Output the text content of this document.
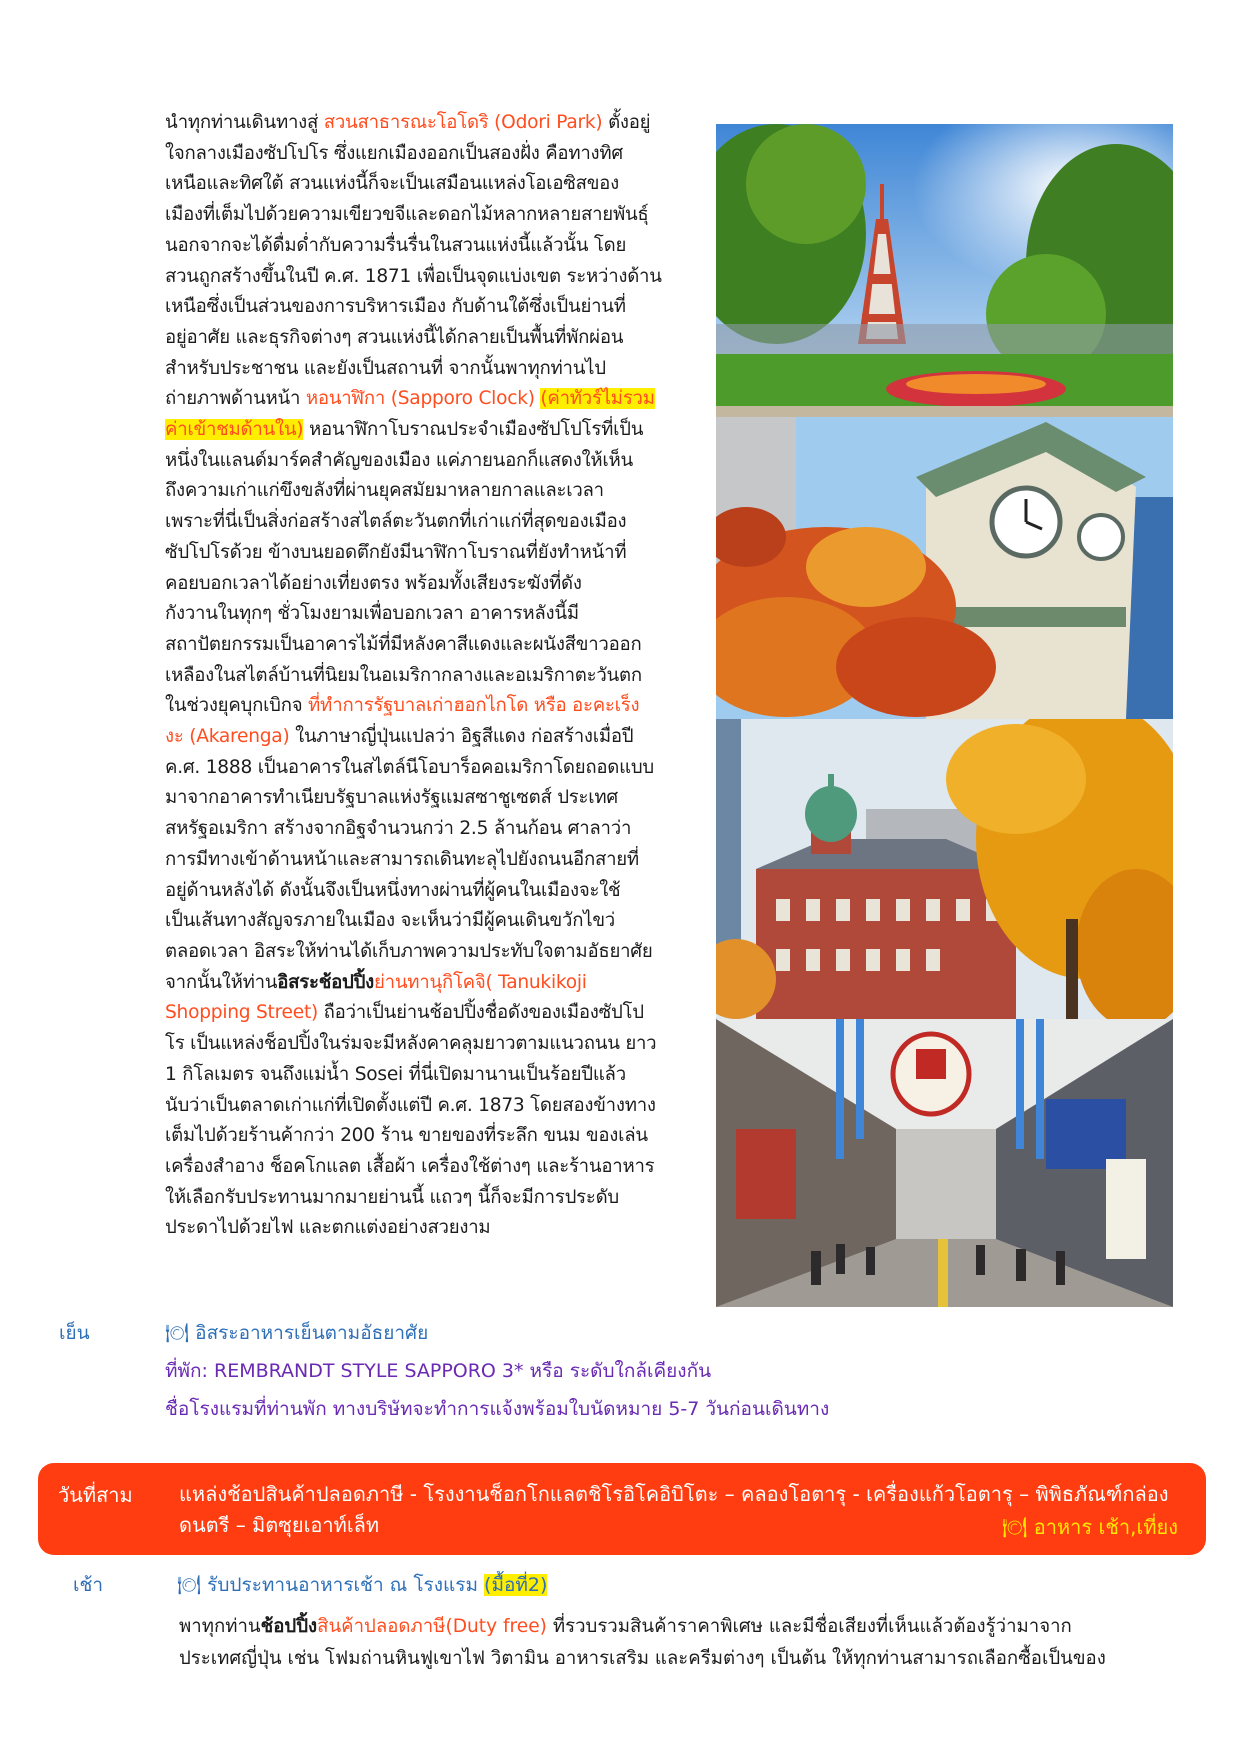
นำทุกท่านเดินทางสู่ สวนสาธารณะโอโดริ (Odori Park) ตั้งอยู่
ใจกลางเมืองซัปโปโร ซึ่งแยกเมืองออกเป็นสองฝั่ง คือทางทิศ
เหนือและทิศใต้ สวนแห่งนี้ก็จะเป็นเสมือนแหล่งโอเอซิสของ
เมืองที่เต็มไปด้วยความเขียวขจีและดอกไม้หลากหลายสายพันธุ์
นอกจากจะได้ดื่มด่ำกับความรื่นรื่นในสวนแห่งนี้แล้วนั้น โดย
สวนถูกสร้างขึ้นในปี ค.ศ. 1871 เพื่อเป็นจุดแบ่งเขต ระหว่างด้าน
เหนือซึ่งเป็นส่วนของการบริหารเมือง กับด้านใต้ซึ่งเป็นย่านที่
อยู่อาศัย และธุรกิจต่างๆ สวนแห่งนี้ได้กลายเป็นพื้นที่พักผ่อน
สำหรับประชาชน และยังเป็นสถานที่ จากนั้นพาทุกท่านไป
ถ่ายภาพด้านหน้า หอนาฬิกา (Sapporo Clock) (ค่าทัวร์ไม่รวม
ค่าเข้าชมด้านใน) หอนาฬิกาโบราณประจำเมืองซัปโปโรที่เป็น
หนึ่งในแลนด์มาร์คสำคัญของเมือง แค่ภายนอกก็แสดงให้เห็น
ถึงความเก่าแก่ขึงขลังที่ผ่านยุคสมัยมาหลายกาลและเวลา
เพราะที่นี่เป็นสิ่งก่อสร้างสไตล์ตะวันตกที่เก่าแก่ที่สุดของเมือง
ซัปโปโรด้วย ข้างบนยอดตึกยังมีนาฬิกาโบราณที่ยังทำหน้าที่
คอยบอกเวลาได้อย่างเที่ยงตรง พร้อมทั้งเสียงระฆังที่ดัง
กังวานในทุกๆ ชั่วโมงยามเพื่อบอกเวลา อาคารหลังนี้มี
สถาปัตยกรรมเป็นอาคารไม้ที่มีหลังคาสีแดงและผนังสีขาวออก
เหลืองในสไตล์บ้านที่นิยมในอเมริกากลางและอเมริกาตะวันตก
ในช่วงยุคบุกเบิกจ ที่ทำการรัฐบาลเก่าฮอกไกโด หรือ อะคะเร็ง
งะ (Akarenga) ในภาษาญี่ปุ่นแปลว่า อิฐสีแดง ก่อสร้างเมื่อปี
ค.ศ. 1888 เป็นอาคารในสไตล์นีโอบาร็อคอเมริกาโดยถอดแบบ
มาจากอาคารทำเนียบรัฐบาลแห่งรัฐแมสซาชูเซตส์ ประเทศ
สหรัฐอเมริกา สร้างจากอิฐจำนวนกว่า 2.5 ล้านก้อน ศาลาว่า
การมีทางเข้าด้านหน้าและสามารถเดินทะลุไปยังถนนอีกสายที่
อยู่ด้านหลังได้ ดังนั้นจึงเป็นหนึ่งทางผ่านที่ผู้คนในเมืองจะใช้
เป็นเส้นทางสัญจรภายในเมือง จะเห็นว่ามีผู้คนเดินขวักไขว่
ตลอดเวลา อิสระให้ท่านได้เก็บภาพความประทับใจตามอัธยาศัย
จากนั้นให้ท่านอิสระช้อปปิ้งย่านทานุกิโคจิ( Tanukikoji
Shopping Street) ถือว่าเป็นย่านช้อปปิ้งชื่อดังของเมืองซัปโป
โร เป็นแหล่งช็อปปิ้งในร่มจะมีหลังคาคลุมยาวตามแนวถนน ยาว
1 กิโลเมตร จนถึงแม่น้ำ Sosei ที่นี่เปิดมานานเป็นร้อยปีแล้ว
นับว่าเป็นตลาดเก่าแก่ที่เปิดตั้งแต่ปี ค.ศ. 1873 โดยสองข้างทาง
เต็มไปด้วยร้านค้ากว่า 200 ร้าน ขายของที่ระลึก ขนม ของเล่น
เครื่องสำอาง ช็อคโกแลต เสื้อผ้า เครื่องใช้ต่างๆ และร้านอาหาร
ให้เลือกรับประทานมากมายย่านนี้ แถวๆ นี้ก็จะมีการประดับ
ประดาไปด้วยไฟ และตกแต่งอย่างสวยงาม
เย็น	🍽 อิสระอาหารเย็นตามอัธยาศัย
ที่พัก: REMBRANDT STYLE SAPPORO 3* หรือ ระดับใกล้เคียงกัน
ชื่อโรงแรมที่ท่านพัก ทางบริษัทจะทำการแจ้งพร้อมใบนัดหมาย 5-7 วันก่อนเดินทาง
วันที่สาม แหล่งช้อปสินค้าปลอดภาษี - โรงงานช็อกโกแลตชิโรอิโคอิบิโตะ – คลองโอตารุ - เครื่องแก้วโอตารุ – พิพิธภัณฑ์กล่อง
ดนตรี – มิตซุยเอาท์เล็ท	🍽 อาหาร เช้า,เที่ยง
เช้า	🍽 รับประทานอาหารเช้า ณ โรงแรม (มื้อที่2)
พาทุกท่านช้อปปิ้งสินค้าปลอดภาษี(Duty free) ที่รวบรวมสินค้าราคาพิเศษ และมีชื่อเสียงที่เห็นแล้วต้องรู้ว่ามาจาก
ประเทศญี่ปุ่น เช่น โฟมถ่านหินฟูเขาไฟ วิตามิน อาหารเสริม และครีมต่างๆ เป็นต้น ให้ทุกท่านสามารถเลือกซื้อเป็นของ
